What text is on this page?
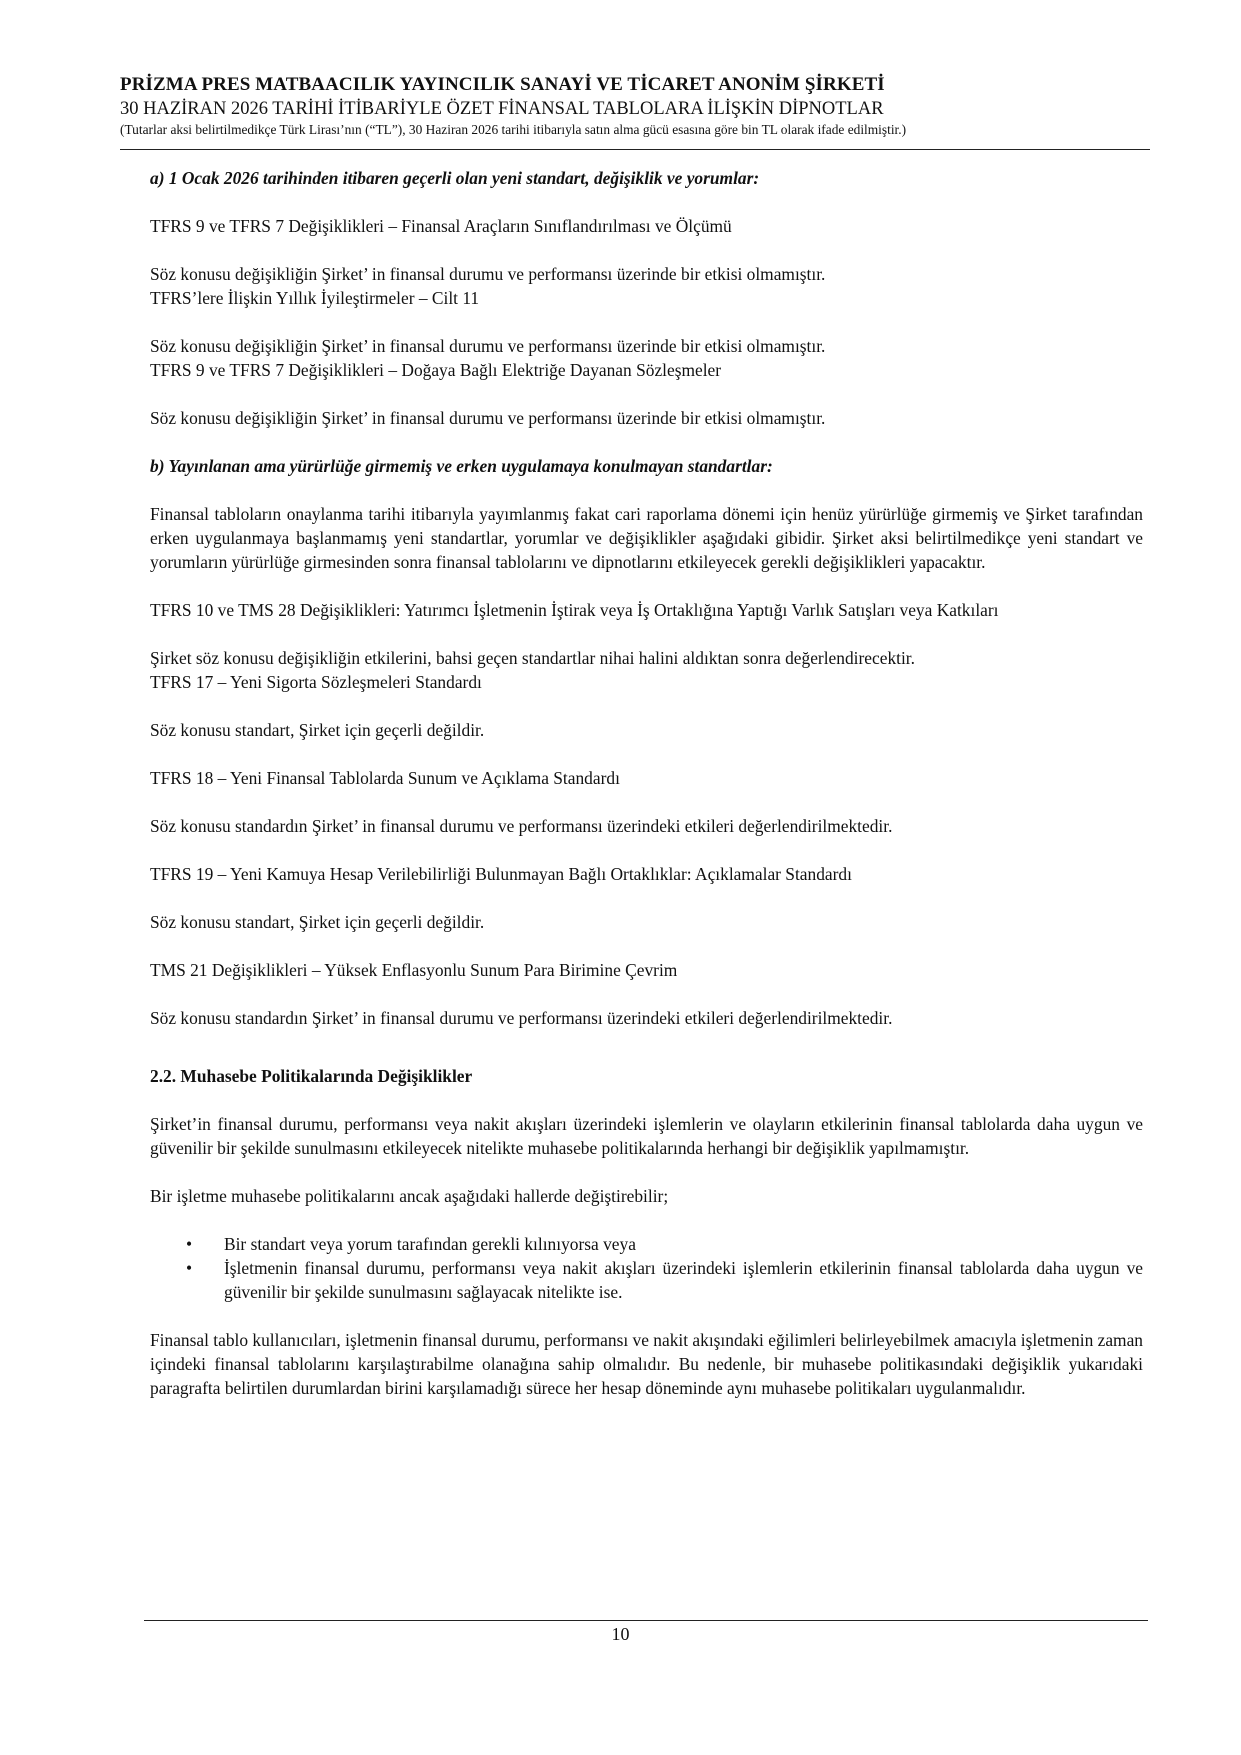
PRİZMA PRES MATBAACILIK YAYINCILIK SANAYİ VE TİCARET ANONİM ŞİRKETİ
30 HAZİRAN 2026 TARİHİ İTİBARİYLE ÖZET FİNANSAL TABLOLARA İLİŞKİN DİPNOTLAR
(Tutarlar aksi belirtilmedikçe Türk Lirası’nın (“TL”), 30 Haziran 2026 tarihi itibarıyla satın alma gücü esasına göre bin TL olarak ifade edilmiştir.)

a) 1 Ocak 2026 tarihinden itibaren geçerli olan yeni standart, değişiklik ve yorumlar:

TFRS 9 ve TFRS 7 Değişiklikleri – Finansal Araçların Sınıflandırılması ve Ölçümü

Söz konusu değişikliğin Şirket’ in finansal durumu ve performansı üzerinde bir etkisi olmamıştır.

TFRS’lere İlişkin Yıllık İyileştirmeler – Cilt 11

Söz konusu değişikliğin Şirket’ in finansal durumu ve performansı üzerinde bir etkisi olmamıştır.

TFRS 9 ve TFRS 7 Değişiklikleri – Doğaya Bağlı Elektriğe Dayanan Sözleşmeler

Söz konusu değişikliğin Şirket’ in finansal durumu ve performansı üzerinde bir etkisi olmamıştır.

b) Yayınlanan ama yürürlüğe girmemiş ve erken uygulamaya konulmayan standartlar:

Finansal tabloların onaylanma tarihi itibarıyla yayımlanmış fakat cari raporlama dönemi için henüz yürürlüğe girmemiş ve Şirket tarafından erken uygulanmaya başlanmamış yeni standartlar, yorumlar ve değişiklikler aşağıdaki gibidir. Şirket aksi belirtilmedikçe yeni standart ve yorumların yürürlüğe girmesinden sonra finansal tablolarını ve dipnotlarını etkileyecek gerekli değişiklikleri yapacaktır.

TFRS 10 ve TMS 28 Değişiklikleri: Yatırımcı İşletmenin İştirak veya İş Ortaklığına Yaptığı Varlık Satışları veya Katkıları

Şirket söz konusu değişikliğin etkilerini, bahsi geçen standartlar nihai halini aldıktan sonra değerlendirecektir.

TFRS 17 – Yeni Sigorta Sözleşmeleri Standardı

Söz konusu standart, Şirket için geçerli değildir.

TFRS 18 – Yeni Finansal Tablolarda Sunum ve Açıklama Standardı

Söz konusu standardın Şirket’ in finansal durumu ve performansı üzerindeki etkileri değerlendirilmektedir.

TFRS 19 – Yeni Kamuya Hesap Verilebilirliği Bulunmayan Bağlı Ortaklıklar: Açıklamalar Standardı

Söz konusu standart, Şirket için geçerli değildir.

TMS 21 Değişiklikleri – Yüksek Enflasyonlu Sunum Para Birimine Çevrim

Söz konusu standardın Şirket’ in finansal durumu ve performansı üzerindeki etkileri değerlendirilmektedir.

2.2. Muhasebe Politikalarında Değişiklikler

Şirket’in finansal durumu, performansı veya nakit akışları üzerindeki işlemlerin ve olayların etkilerinin finansal tablolarda daha uygun ve güvenilir bir şekilde sunulmasını etkileyecek nitelikte muhasebe politikalarında herhangi bir değişiklik yapılmamıştır.

Bir işletme muhasebe politikalarını ancak aşağıdaki hallerde değiştirebilir;

• Bir standart veya yorum tarafından gerekli kılınıyorsa veya
• İşletmenin finansal durumu, performansı veya nakit akışları üzerindeki işlemlerin etkilerinin finansal tablolarda daha uygun ve güvenilir bir şekilde sunulmasını sağlayacak nitelikte ise.

Finansal tablo kullanıcıları, işletmenin finansal durumu, performansı ve nakit akışındaki eğilimleri belirleyebilmek amacıyla işletmenin zaman içindeki finansal tablolarını karşılaştırabilme olanağına sahip olmalıdır. Bu nedenle, bir muhasebe politikasındaki değişiklik yukarıdaki paragrafta belirtilen durumlardan birini karşılamadığı sürece her hesap döneminde aynı muhasebe politikaları uygulanmalıdır.

10
